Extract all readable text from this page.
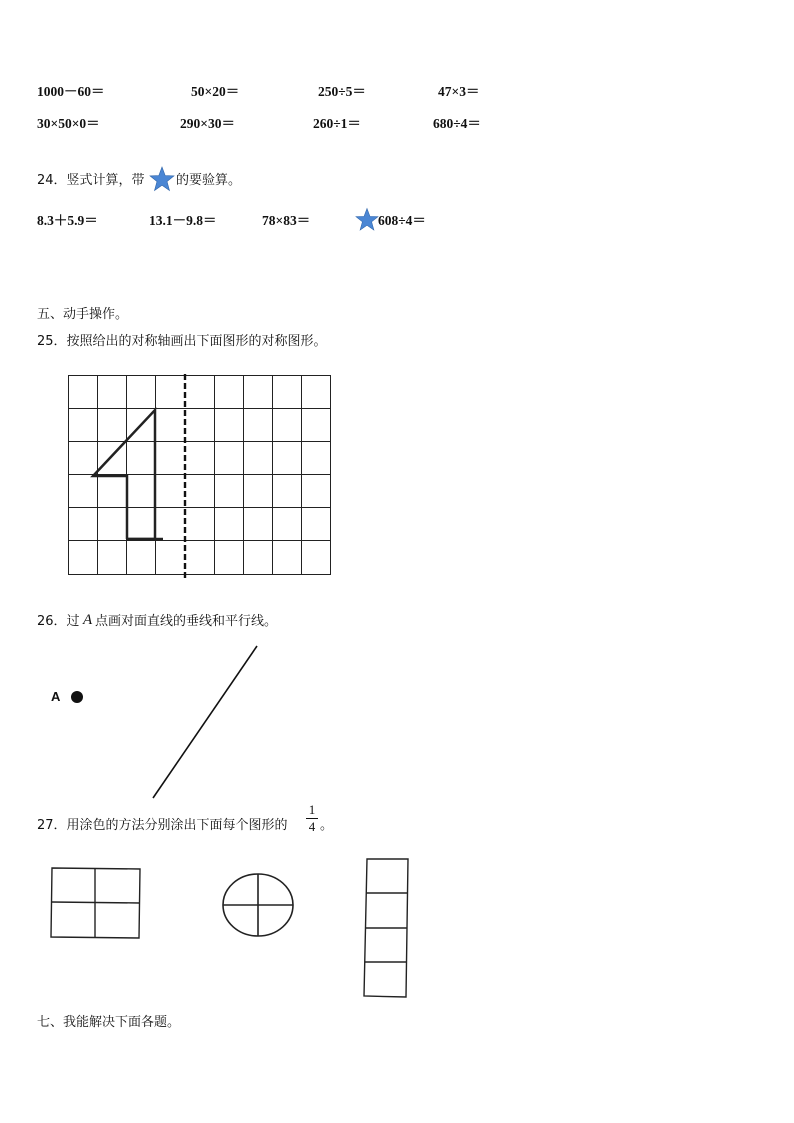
1000－60＝	50×20＝	250÷5＝	47×3＝
30×50×0＝	290×30＝	260÷1＝	680÷4＝
24．竖式计算，带 的要验算。
8.3＋5.9＝	13.1－9.8＝	78×83＝	608÷4＝
五、动手操作。
25．按照给出的对称轴画出下面图形的对称图形。
26．过 A 点画对面直线的垂线和平行线。
A
27．用涂色的方法分别涂出下面每个图形的
1
4 。
七、我能解决下面各题。
